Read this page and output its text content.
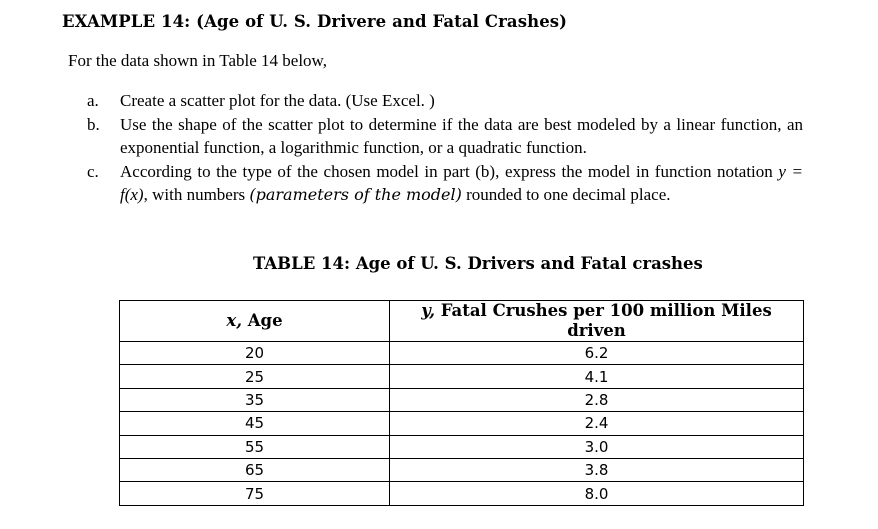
EXAMPLE 14: (Age of U. S. Drivere and Fatal Crashes)
For the data shown in Table 14 below,
a.	Create a scatter plot for the data. (Use Excel. )
b.	Use the shape of the scatter plot to determine if the data are best modeled by a linear function, an exponential function, a logarithmic function, or a quadratic function.
c.	According to the type of the chosen model in part (b), express the model in function notation y = f(x), with numbers (parameters of the model) rounded to one decimal place.
TABLE 14: Age of U. S. Drivers and Fatal crashes
x, Age	y, Fatal Crushes per 100 million Miles driven
20	6.2
25	4.1
35	2.8
45	2.4
55	3.0
65	3.8
75	8.0
